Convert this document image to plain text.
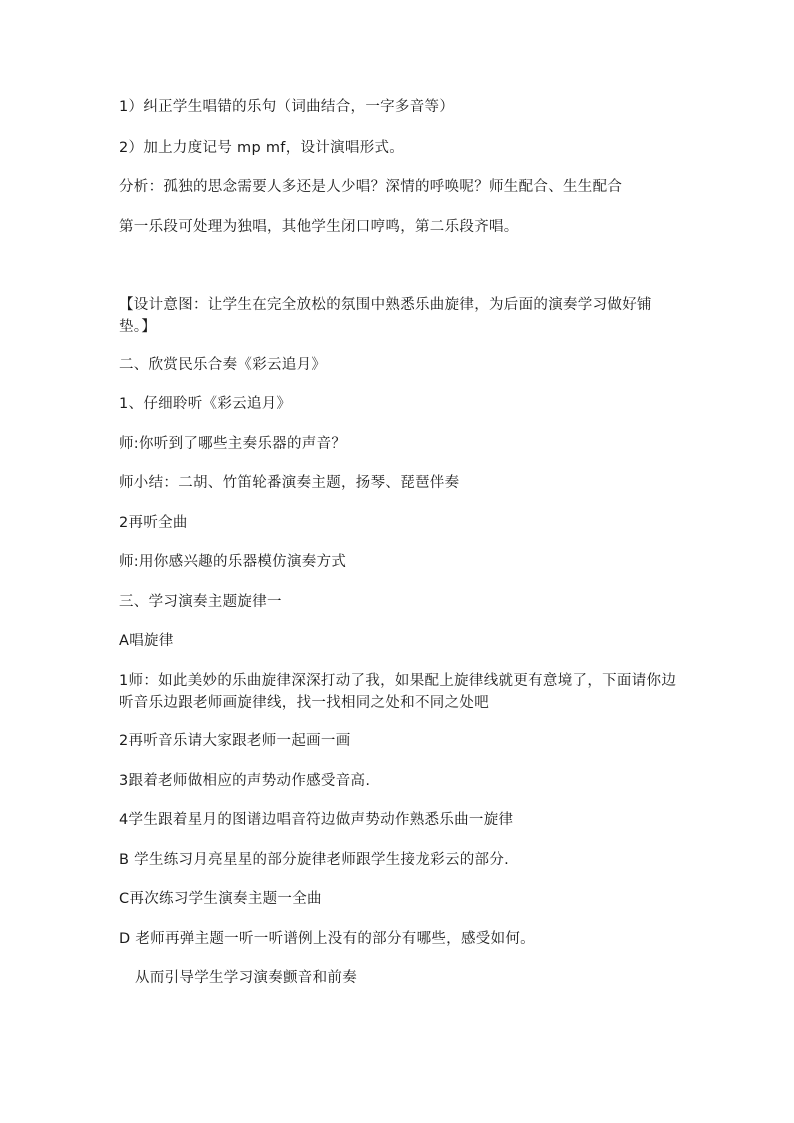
1）纠正学生唱错的乐句（词曲结合，一字多音等）
2）加上力度记号 mp mf，设计演唱形式。
分析：孤独的思念需要人多还是人少唱？深情的呼唤呢？师生配合、生生配合
第一乐段可处理为独唱，其他学生闭口哼鸣，第二乐段齐唱。
【设计意图：让学生在完全放松的氛围中熟悉乐曲旋律，为后面的演奏学习做好铺垫。】
二、欣赏民乐合奏《彩云追月》
1、仔细聆听《彩云追月》
师:你听到了哪些主奏乐器的声音？
师小结：二胡、竹笛轮番演奏主题，扬琴、琵琶伴奏
2再听全曲
师:用你感兴趣的乐器模仿演奏方式
三、学习演奏主题旋律一
A唱旋律
1师：如此美妙的乐曲旋律深深打动了我，如果配上旋律线就更有意境了，下面请你边听音乐边跟老师画旋律线，找一找相同之处和不同之处吧
2再听音乐请大家跟老师一起画一画
3跟着老师做相应的声势动作感受音高.
4学生跟着星月的图谱边唱音符边做声势动作熟悉乐曲一旋律
B 学生练习月亮星星的部分旋律老师跟学生接龙彩云的部分.
C再次练习学生演奏主题一全曲
D 老师再弹主题一听一听谱例上没有的部分有哪些，感受如何。
从而引导学生学习演奏颤音和前奏
